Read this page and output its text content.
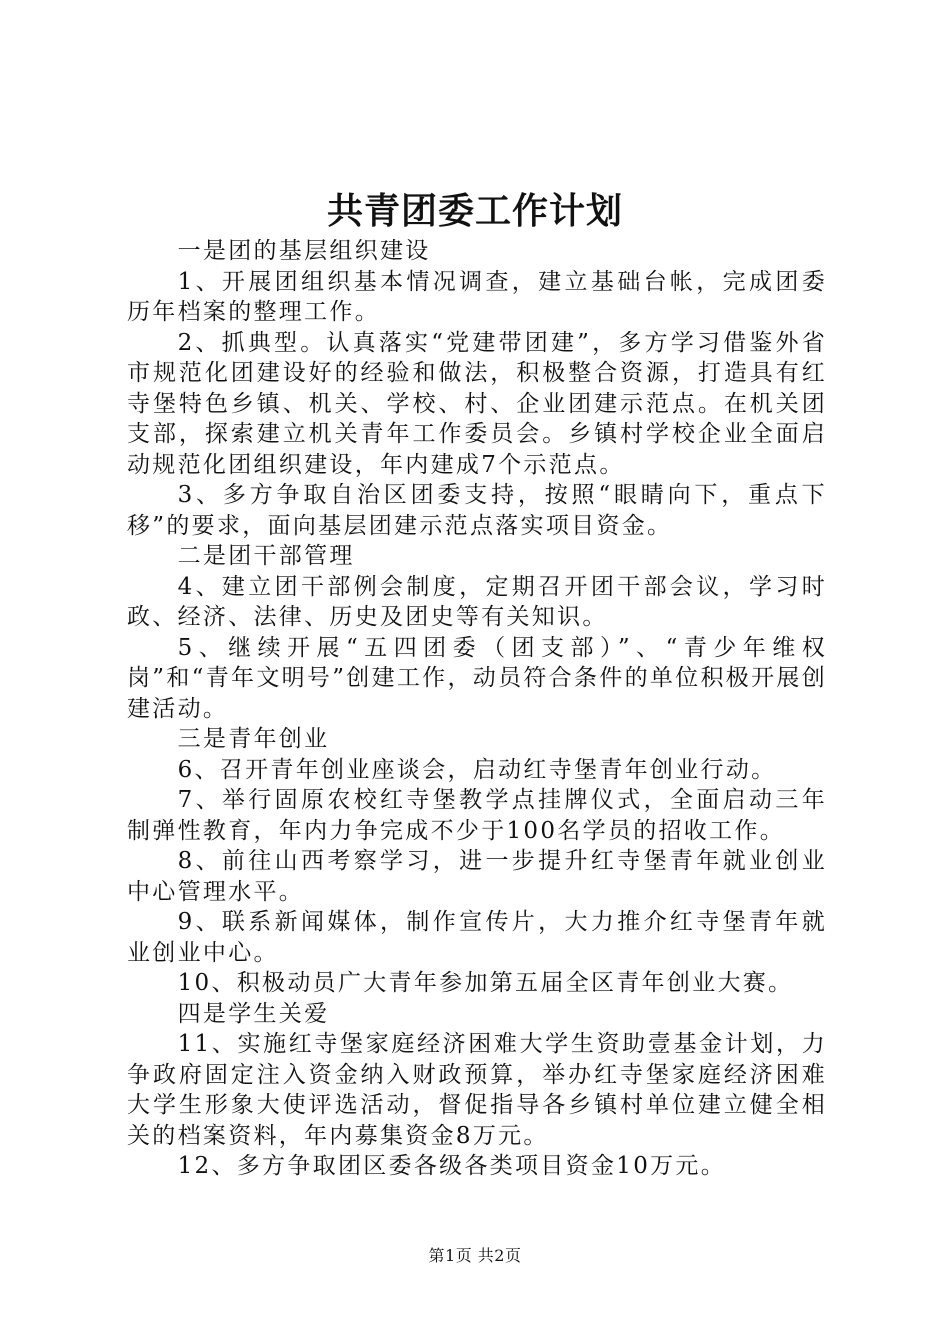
共青团委工作计划

一是团的基层组织建设

1、开展团组织基本情况调查，建立基础台帐，完成团委历年档案的整理工作。

2、抓典型。认真落实“党建带团建”，多方学习借鉴外省市规范化团建设好的经验和做法，积极整合资源，打造具有红寺堡特色乡镇、机关、学校、村、企业团建示范点。在机关团支部，探索建立机关青年工作委员会。乡镇村学校企业全面启动规范化团组织建设，年内建成7个示范点。

3、多方争取自治区团委支持，按照“眼睛向下，重点下移”的要求，面向基层团建示范点落实项目资金。

二是团干部管理

4、建立团干部例会制度，定期召开团干部会议，学习时政、经济、法律、历史及团史等有关知识。

5、继续开展“五四团委（团支部）”、“青少年维权岗”和“青年文明号”创建工作，动员符合条件的单位积极开展创建活动。

三是青年创业

6、召开青年创业座谈会，启动红寺堡青年创业行动。

7、举行固原农校红寺堡教学点挂牌仪式，全面启动三年制弹性教育，年内力争完成不少于100名学员的招收工作。

8、前往山西考察学习，进一步提升红寺堡青年就业创业中心管理水平。

9、联系新闻媒体，制作宣传片，大力推介红寺堡青年就业创业中心。

10、积极动员广大青年参加第五届全区青年创业大赛。

四是学生关爱

11、实施红寺堡家庭经济困难大学生资助壹基金计划，力争政府固定注入资金纳入财政预算，举办红寺堡家庭经济困难大学生形象大使评选活动，督促指导各乡镇村单位建立健全相关的档案资料，年内募集资金8万元。

12、多方争取团区委各级各类项目资金10万元。

第1页 共2页
